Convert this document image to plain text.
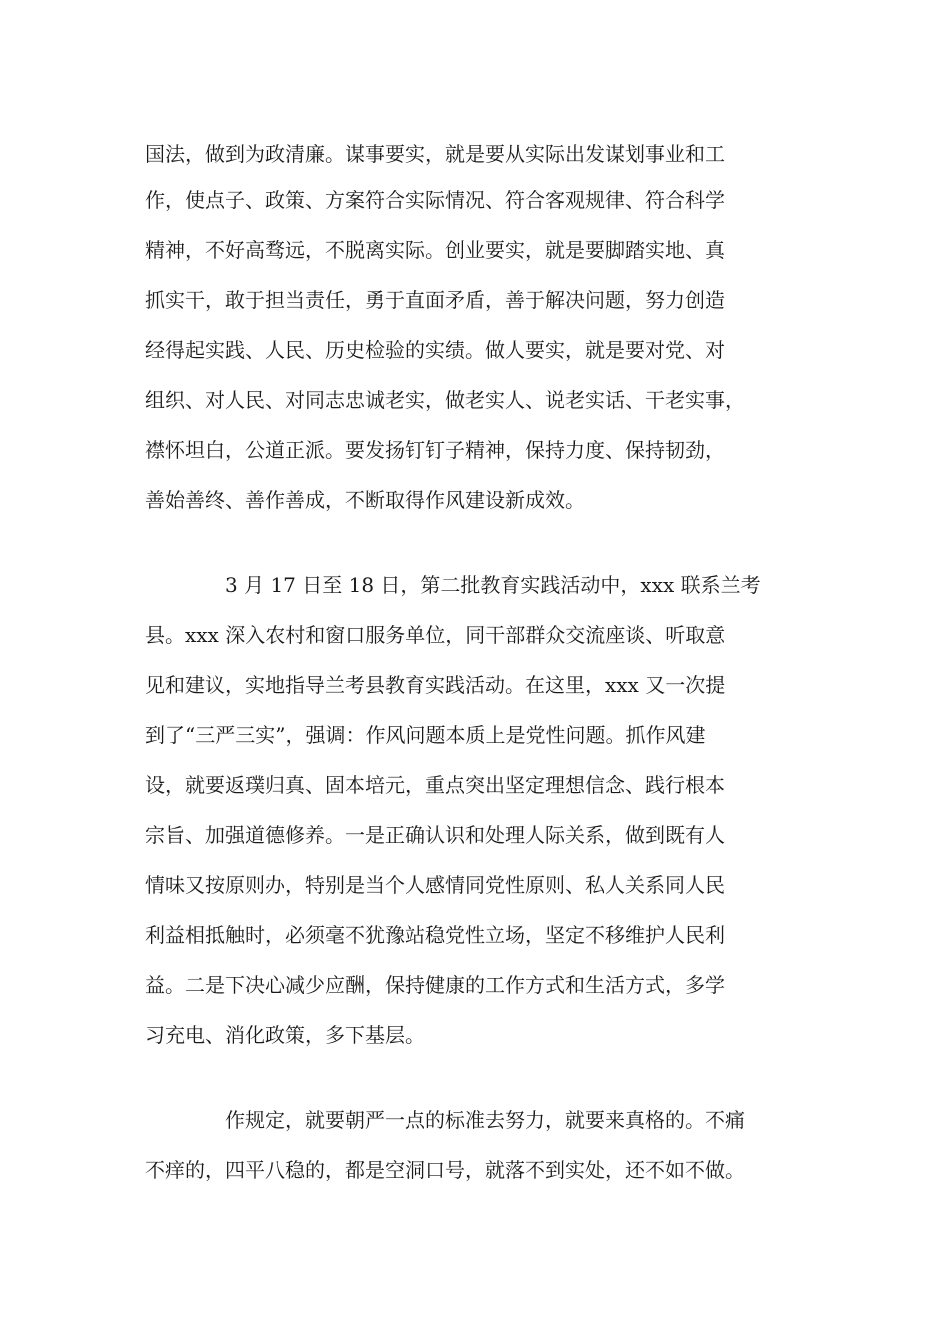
国法，做到为政清廉。谋事要实，就是要从实际出发谋划事业和工

作，使点子、政策、方案符合实际情况、符合客观规律、符合科学

精神，不好高骛远，不脱离实际。创业要实，就是要脚踏实地、真

抓实干，敢于担当责任，勇于直面矛盾，善于解决问题，努力创造

经得起实践、人民、历史检验的实绩。做人要实，就是要对党、对

组织、对人民、对同志忠诚老实，做老实人、说老实话、干老实事，

襟怀坦白，公道正派。要发扬钉钉子精神，保持力度、保持韧劲，

善始善终、善作善成，不断取得作风建设新成效。

3 月 17 日至 18 日，第二批教育实践活动中，xxx 联系兰考

县。xxx 深入农村和窗口服务单位，同干部群众交流座谈、听取意

见和建议，实地指导兰考县教育实践活动。在这里，xxx 又一次提

到了“三严三实”，强调：作风问题本质上是党性问题。抓作风建

设，就要返璞归真、固本培元，重点突出坚定理想信念、践行根本

宗旨、加强道德修养。一是正确认识和处理人际关系，做到既有人

情味又按原则办，特别是当个人感情同党性原则、私人关系同人民

利益相抵触时，必须毫不犹豫站稳党性立场，坚定不移维护人民利

益。二是下决心减少应酬，保持健康的工作方式和生活方式，多学

习充电、消化政策，多下基层。

作规定，就要朝严一点的标准去努力，就要来真格的。不痛

不痒的，四平八稳的，都是空洞口号，就落不到实处，还不如不做。
